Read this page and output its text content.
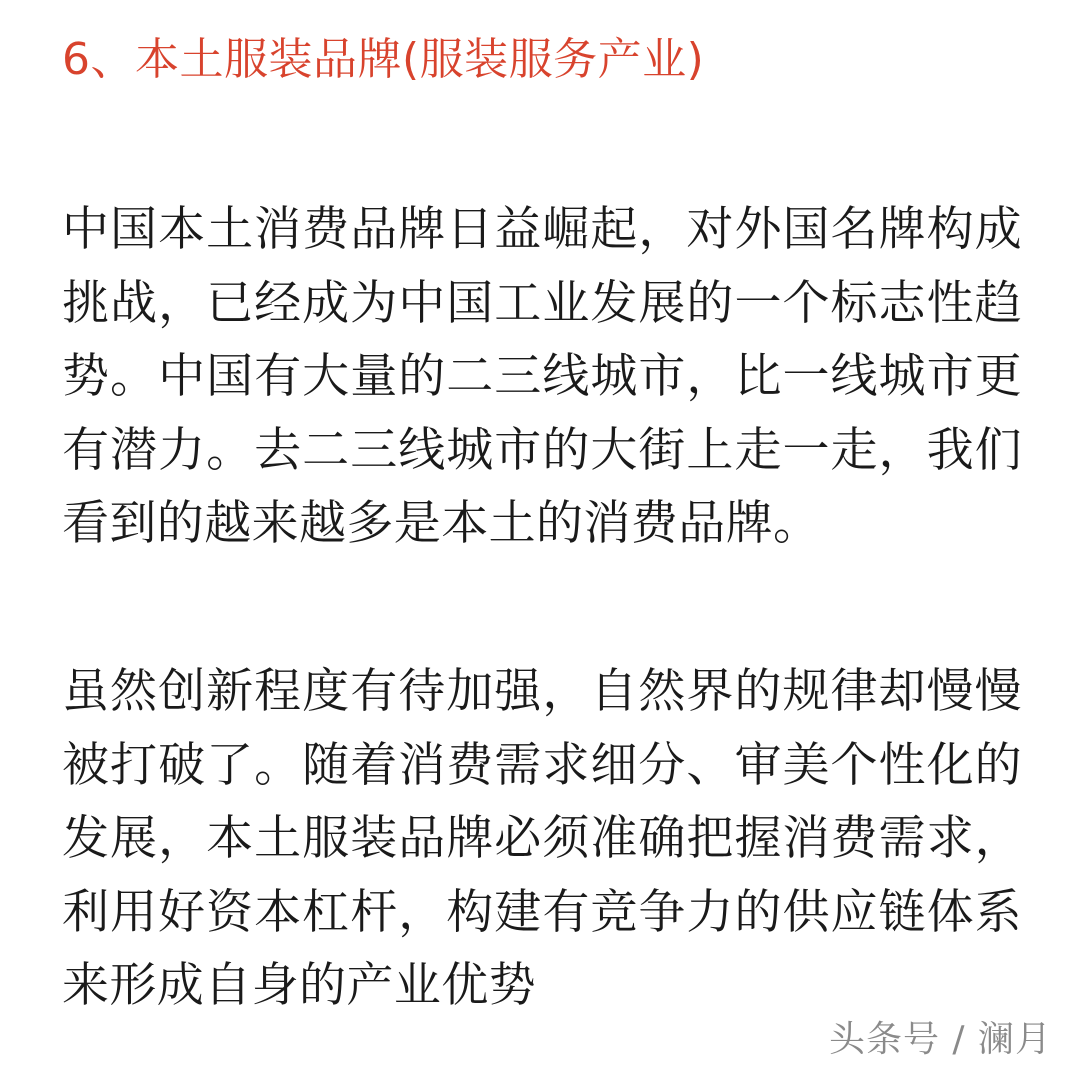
6、本土服装品牌(服装服务产业)
中国本土消费品牌日益崛起，对外国名牌构成挑战，已经成为中国工业发展的一个标志性趋势。中国有大量的二三线城市，比一线城市更有潜力。去二三线城市的大街上走一走，我们看到的越来越多是本土的消费品牌。
虽然创新程度有待加强，自然界的规律却慢慢被打破了。随着消费需求细分、审美个性化的发展，本土服装品牌必须准确把握消费需求，利用好资本杠杆，构建有竞争力的供应链体系来形成自身的产业优势
头条号 / 澜月
